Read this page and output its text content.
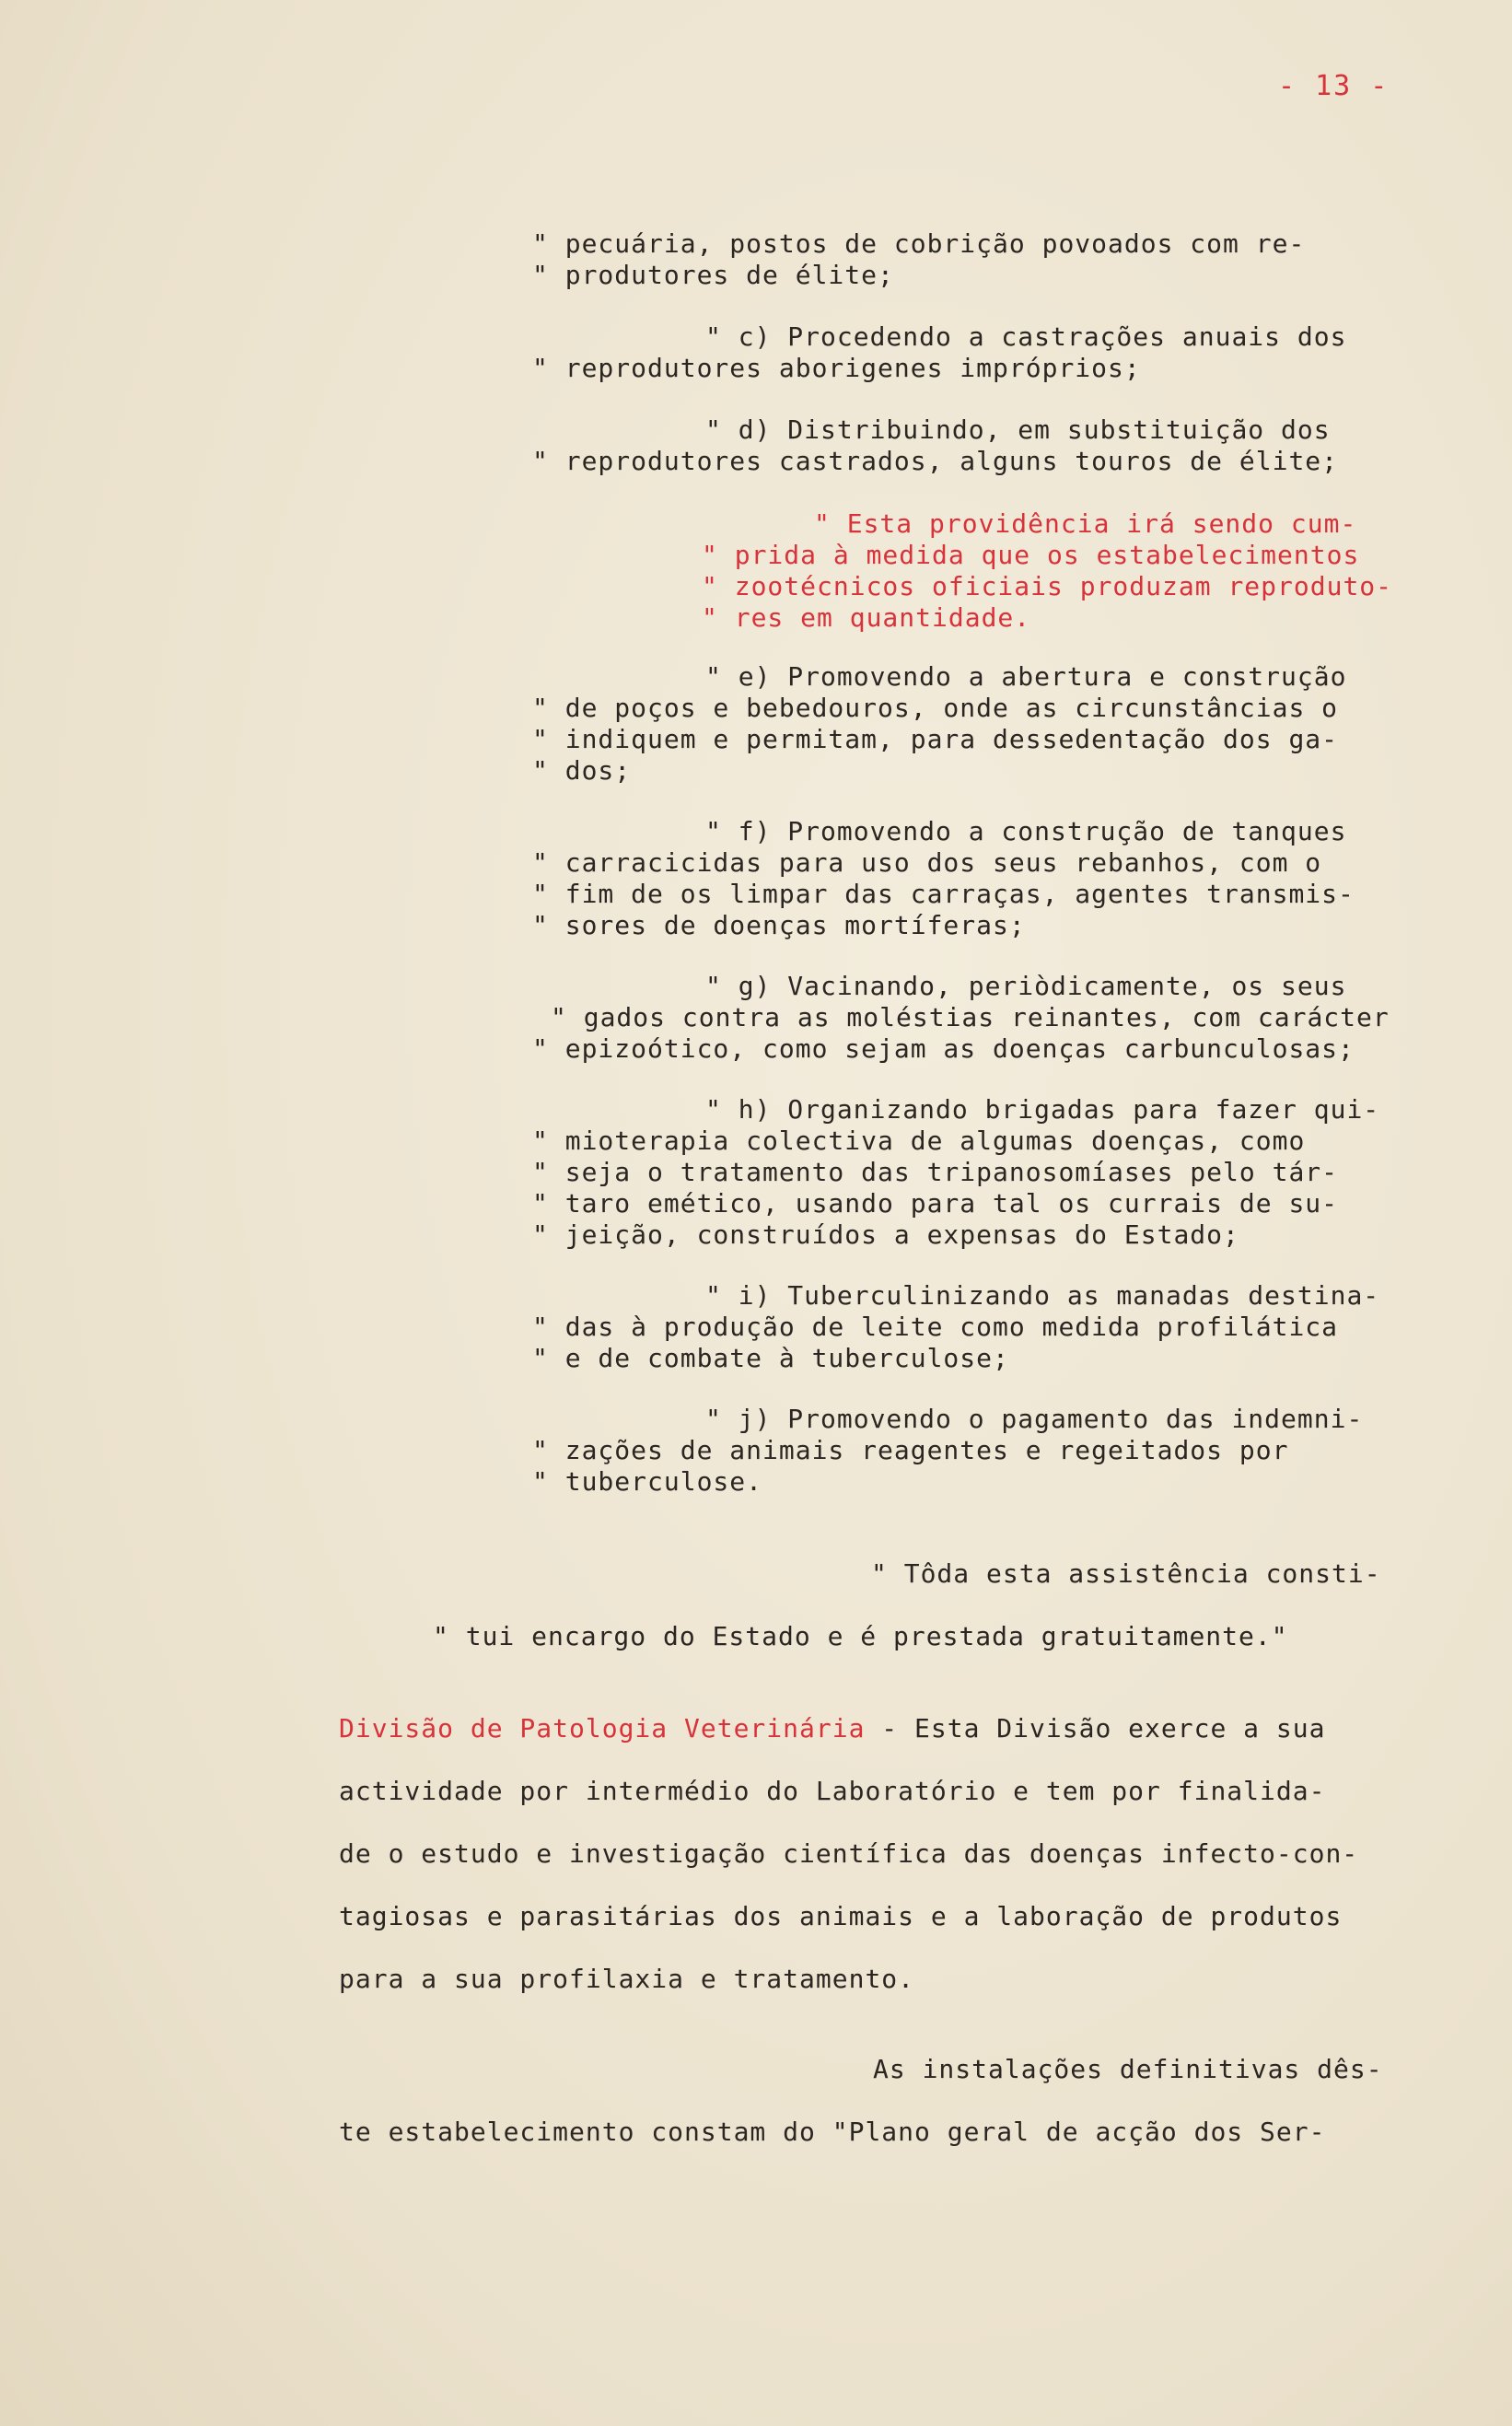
- 13 -
" pecuária, postos de cobrição povoados com re-
" produtores de élite;
" c) Procedendo a castrações anuais dos
" reprodutores aborigenes impróprios;
" d) Distribuindo, em substituição dos
" reprodutores castrados, alguns touros de élite;
" Esta providência irá sendo cum-
" prida à medida que os estabelecimentos
" zootécnicos oficiais produzam reproduto-
" res em quantidade.
" e) Promovendo a abertura e construção
" de poços e bebedouros, onde as circunstâncias o
" indiquem e permitam, para dessedentação dos ga-
" dos;
" f) Promovendo a construção de tanques
" carracicidas para uso dos seus rebanhos, com o
" fim de os limpar das carraças, agentes transmis-
" sores de doenças mortíferas;
" g) Vacinando, periòdicamente, os seus
" gados contra as moléstias reinantes, com carácter
" epizoótico, como sejam as doenças carbunculosas;
" h) Organizando brigadas para fazer qui-
" mioterapia colectiva de algumas doenças, como
" seja o tratamento das tripanosomíases pelo tár-
" taro emético, usando para tal os currais de su-
" jeição, construídos a expensas do Estado;
" i) Tuberculinizando as manadas destina-
" das à produção de leite como medida profilática
" e de combate à tuberculose;
" j) Promovendo o pagamento das indemni-
" zações de animais reagentes e regeitados por
" tuberculose.
" Tôda esta assistência consti-
" tui encargo do Estado e é prestada gratuitamente."
Divisão de Patologia Veterinária - Esta Divisão exerce a sua
actividade por intermédio do Laboratório e tem por finalida-
de o estudo e investigação científica das doenças infecto-con-
tagiosas e parasitárias dos animais e a laboração de produtos
para a sua profilaxia e tratamento.
As instalações definitivas dês-
te estabelecimento constam do "Plano geral de acção dos Ser-
